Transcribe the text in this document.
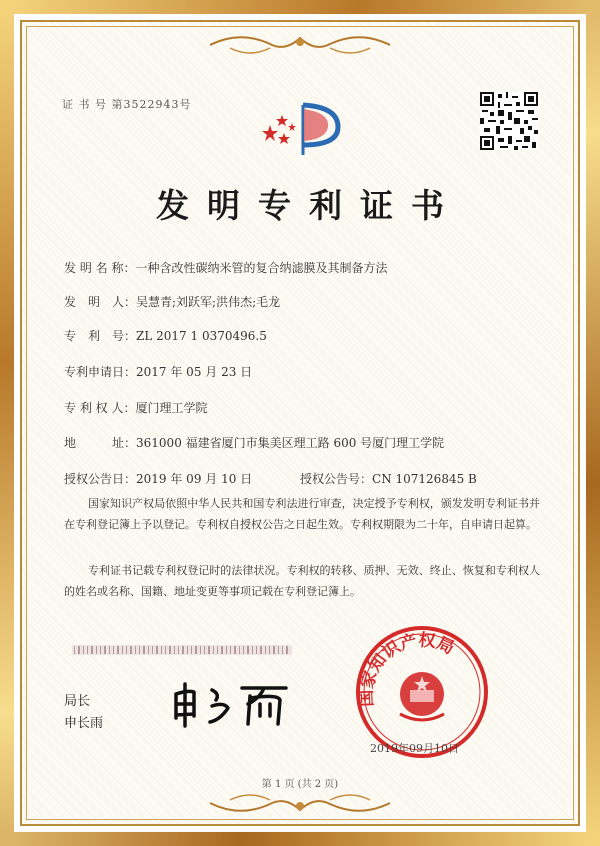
证 书 号 第3522943号
发明专利证书
发 明 名 称：一种含改性碳纳米管的复合纳滤膜及其制备方法
发　明　人：吴慧青;刘跃军;洪伟杰;毛龙
专　利　号：ZL 2017 1 0370496.5
专利申请日：2017 年 05 月 23 日
专 利 权 人：厦门理工学院
地　　　址：361000 福建省厦门市集美区理工路 600 号厦门理工学院
授权公告日：2019 年 09 月 10 日	授权公告号：CN 107126845 B
国家知识产权局依照中华人民共和国专利法进行审查，决定授予专利权，颁发发明专利证书并在专利登记簿上予以登记。专利权自授权公告之日起生效。专利权期限为二十年，自申请日起算。
专利证书记载专利权登记时的法律状况。专利权的转移、质押、无效、终止、恢复和专利权人的姓名或名称、国籍、地址变更等事项记载在专利登记簿上。
局长
申长雨
国家知识产权局
2019年09月10日
第 1 页 (共 2 页)
